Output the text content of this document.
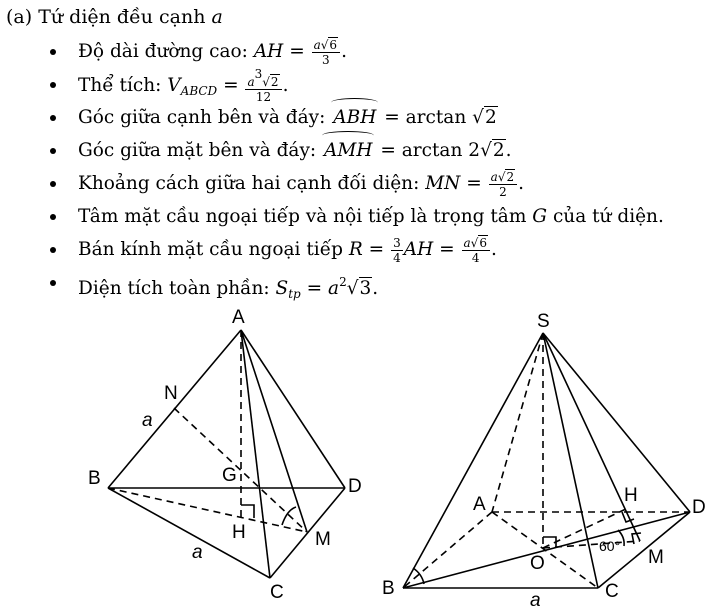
(a) Tứ diện đều cạnh a
Độ dài đường cao: AH = $\frac{a√6}{3}$ .
Thể tích: $V_{ABCD} = \frac{a3√2}{12}$ .
Góc giữa cạnh bên và đáy: ABH = arctan √2
Góc giữa mặt bên và đáy: AMH = arctan 2√2.
Khoảng cách giữa hai cạnh đối diện: MN = $\frac{a√2}{2}$ .
Tâm mặt cầu ngoại tiếp và nội tiếp là trọng tâm G của tứ diện.
Bán kính mặt cầu ngoại tiếp $R = \frac{3}{4}$ AH = $\frac{a√6}{4}$ .
Diện tích toàn phần: $S_{tp} = a^2√3$.
A
B
C
D
N
G
H	M
a
a
S
A
B	C
D
H
O	M
60°
a
